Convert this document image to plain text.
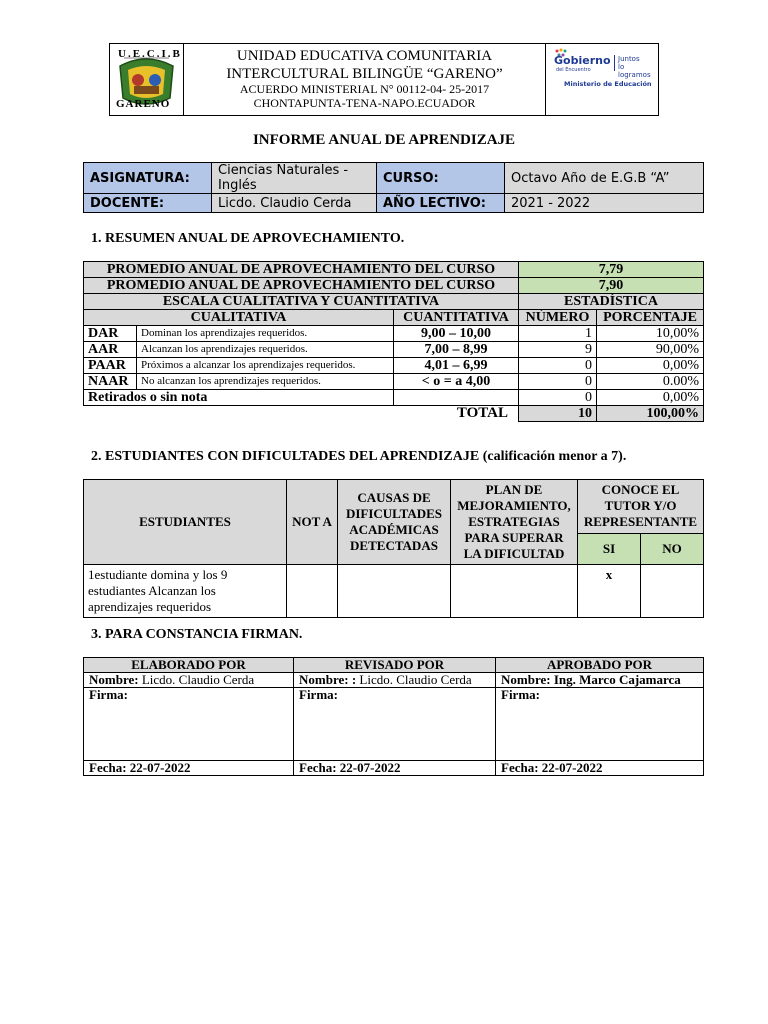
U.E.C.I.B
GARENO

UNIDAD EDUCATIVA COMUNITARIA
INTERCULTURAL BILINGÜE “GARENO”
ACUERDO MINISTERIAL N° 00112-04- 25-2017
CHONTAPUNTA-TENA-NAPO.ECUADOR

Gobierno
del Encuentro
Juntos
lo logramos
Ministerio de Educación
INFORME ANUAL DE APRENDIZAJE
ASIGNATURA:	Ciencias Naturales - Inglés	CURSO:	Octavo Año de E.G.B “A”
DOCENTE:	Licdo. Claudio Cerda	AÑO LECTIVO:	2021 - 2022
1. RESUMEN ANUAL DE APROVECHAMIENTO.
PROMEDIO ANUAL DE APROVECHAMIENTO DEL CURSO			7,79	
PROMEDIO ANUAL DE APROVECHAMIENTO DEL CURSO			7,90	
ESCALA CUALITATIVA Y CUANTITATIVA			ESTADÍSTICA	
CUALITATIVA		CUANTITATIVA	NÚMERO	PORCENTAJE
DAR	Dominan los aprendizajes requeridos.	9,00 – 10,00	1	10,00%
AAR	Alcanzan los aprendizajes requeridos.	7,00 – 8,99	9	90,00%
PAAR	Próximos a alcanzar los aprendizajes requeridos.	4,01 – 6,99	0	0,00%
NAAR	No alcanzan los aprendizajes requeridos.	< o = a 4,00	0	0.00%
Retirados o sin nota			0	0,00%
TOTAL			10	100,00%
2. ESTUDIANTES CON DIFICULTADES DEL APRENDIZAJE (calificación menor a 7).
ESTUDIANTES	NOT A	CAUSAS DE DIFICULTADES ACADÉMICAS DETECTADAS	PLAN DE MEJORAMIENTO, ESTRATEGIAS PARA SUPERAR LA DIFICULTAD	CONOCE EL TUTOR Y/O REPRESENTANTE	
				SI	NO
1estudiante domina y los 9 estudiantes Alcanzan los aprendizajes requeridos				x	
3. PARA CONSTANCIA FIRMAN.
ELABORADO POR	REVISADO POR	APROBADO POR
Nombre: Licdo. Claudio Cerda	Nombre: : Licdo. Claudio Cerda	Nombre: Ing. Marco Cajamarca
Firma:	Firma:	Firma:
Fecha: 22-07-2022	Fecha: 22-07-2022	Fecha: 22-07-2022
